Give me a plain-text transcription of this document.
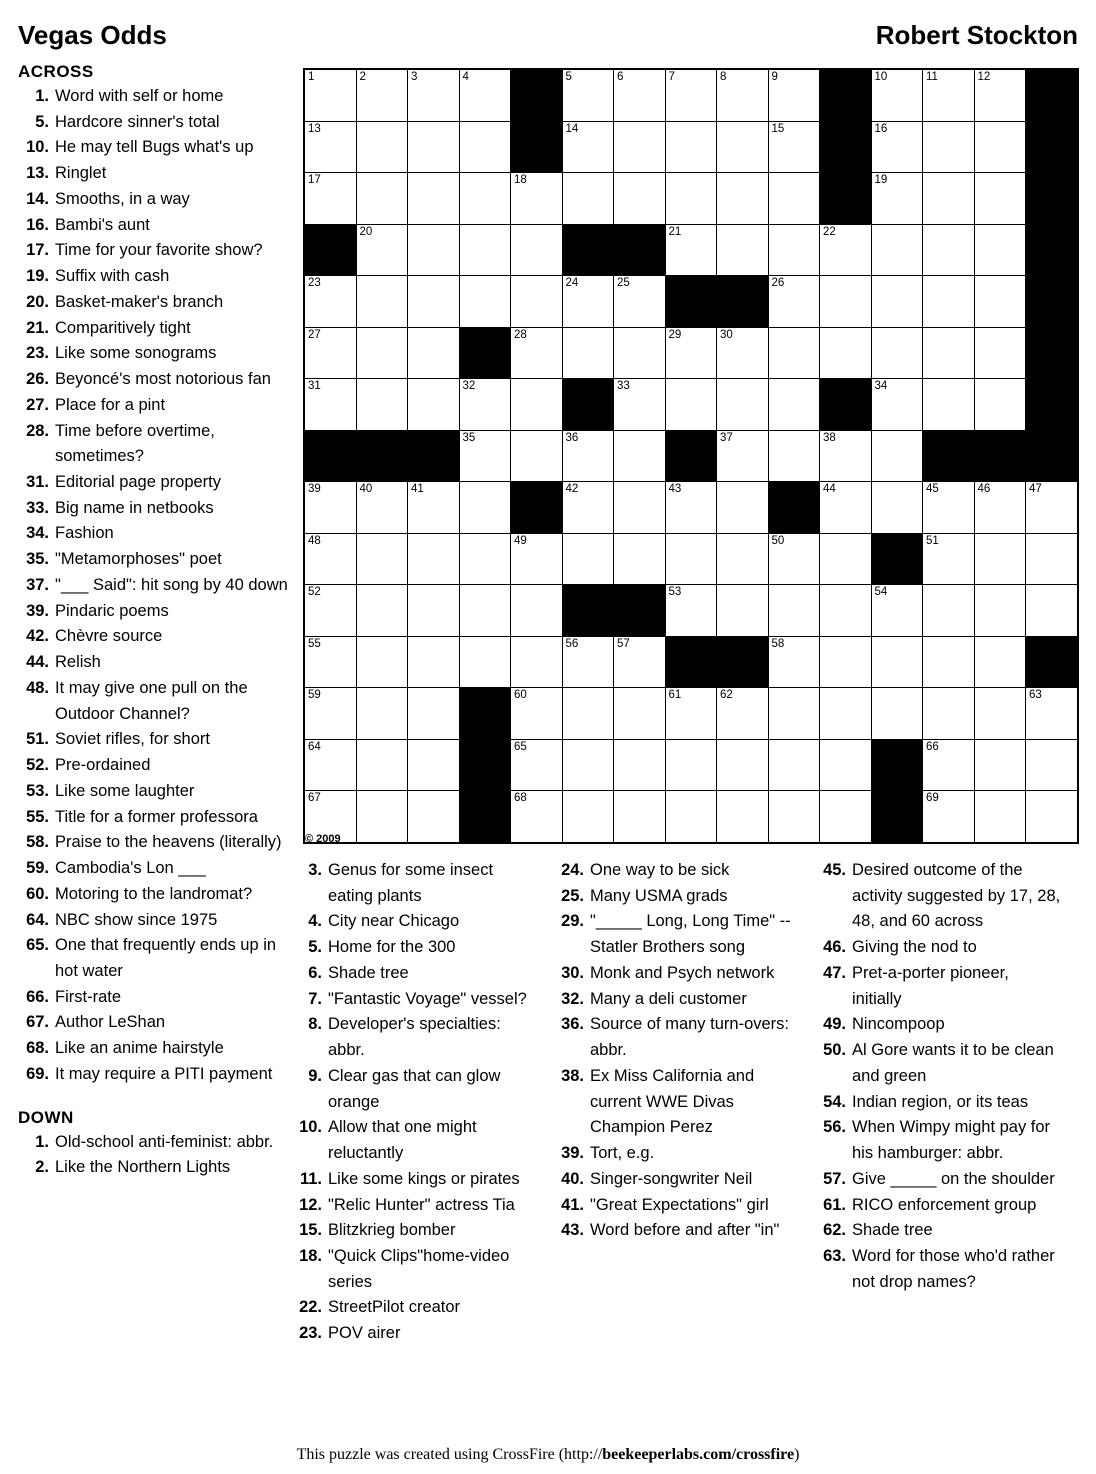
Vegas Odds	Robert Stockton
ACROSS
1. Word with self or home
5. Hardcore sinner's total
10. He may tell Bugs what's up
13. Ringlet
14. Smooths, in a way
16. Bambi's aunt
17. Time for your favorite show?
19. Suffix with cash
20. Basket-maker's branch
21. Comparitively tight
23. Like some sonograms
26. Beyoncé's most notorious fan
27. Place for a pint
28. Time before overtime, sometimes?
31. Editorial page property
33. Big name in netbooks
34. Fashion
35. "Metamorphoses" poet
37. "___ Said": hit song by 40 down
39. Pindaric poems
42. Chèvre source
44. Relish
48. It may give one pull on the Outdoor Channel?
51. Soviet rifles, for short
52. Pre-ordained
53. Like some laughter
55. Title for a former professora
58. Praise to the heavens (literally)
59. Cambodia's Lon ___
60. Motoring to the landromat?
64. NBC show since 1975
65. One that frequently ends up in hot water
66. First-rate
67. Author LeShan
68. Like an anime hairstyle
69. It may require a PITI payment
DOWN
1. Old-school anti-feminist: abbr.
2. Like the Northern Lights
1	2	3	4		5	6	7	8	9		10	11	12	

13					14				15		16			

17				18							19			

	20						21			22				

23					24	25			26					

27				28			29	30						

31			32			33					34			

			35		36			37		38				

39	40	41			42		43			44		45	46	47

48				49					50			51		

52							53				54			

55					56	57			58					

59				60			61	62						63

64				65								66		

67				68								69		

© 2009
3. Genus for some insect eating plants
4. City near Chicago
5. Home for the 300
6. Shade tree
7. "Fantastic Voyage" vessel?
8. Developer's specialties: abbr.
9. Clear gas that can glow orange
10. Allow that one might reluctantly
11. Like some kings or pirates
12. "Relic Hunter" actress Tia
15. Blitzkrieg bomber
18. "Quick Clips"home-video series
22. StreetPilot creator
23. POV airer
24. One way to be sick
25. Many USMA grads
29. "_____ Long, Long Time" -- Statler Brothers song
30. Monk and Psych network
32. Many a deli customer
36. Source of many turn-overs: abbr.
38. Ex Miss California and current WWE Divas Champion Perez
39. Tort, e.g.
40. Singer-songwriter Neil
41. "Great Expectations" girl
43. Word before and after "in"
45. Desired outcome of the activity suggested by 17, 28, 48, and 60 across
46. Giving the nod to
47. Pret-a-porter pioneer, initially
49. Nincompoop
50. Al Gore wants it to be clean and green
54. Indian region, or its teas
56. When Wimpy might pay for his hamburger: abbr.
57. Give _____ on the shoulder
61. RICO enforcement group
62. Shade tree
63. Word for those who'd rather not drop names?
This puzzle was created using CrossFire (http://beekeeperlabs.com/crossfire)
